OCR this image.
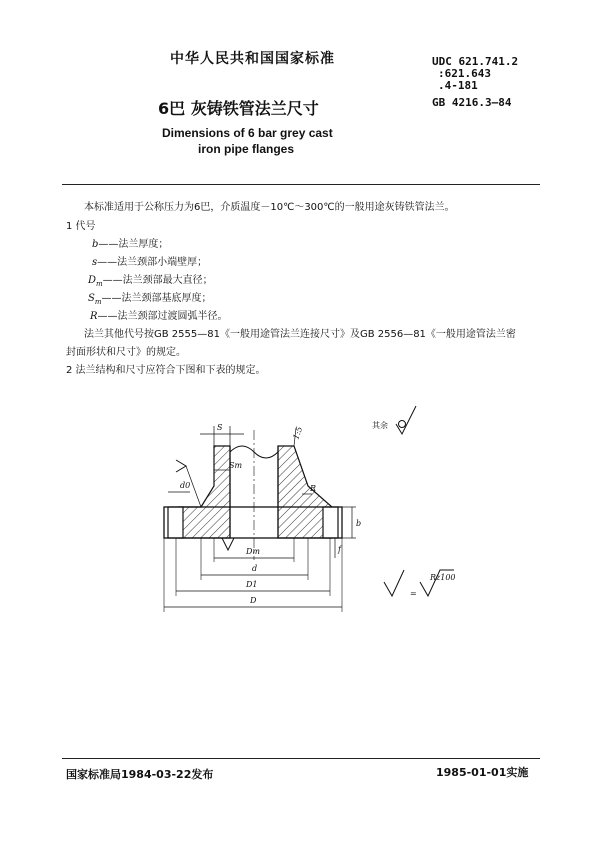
中华人民共和国国家标准	UDC 621.741.2
:621.643
.4-181
GB 4216.3—84
6巴 灰铸铁管法兰尺寸
Dimensions of 6 bar grey cast
iron pipe flanges
本标准适用于公称压力为6巴，介质温度－10℃～300℃的一般用途灰铸铁管法兰。
1 代号
b——法兰厚度；
s——法兰颈部小端壁厚；
$D_m——$法兰颈部最大直径；
$S_m——$法兰颈部基底厚度；
R——法兰颈部过渡圆弧半径。
法兰其他代号按GB 2555—81《一般用途管法兰连接尺寸》及GB 2556—81《一般用途管法兰密
封面形状和尺寸》的规定。
2 法兰结构和尺寸应符合下图和下表的规定。
其余
S
Sm
1:5
R
d0
b
f
Dm
d
D1
D
=
Rz100
国家标准局1984-03-22发布	1985-01-01实施
